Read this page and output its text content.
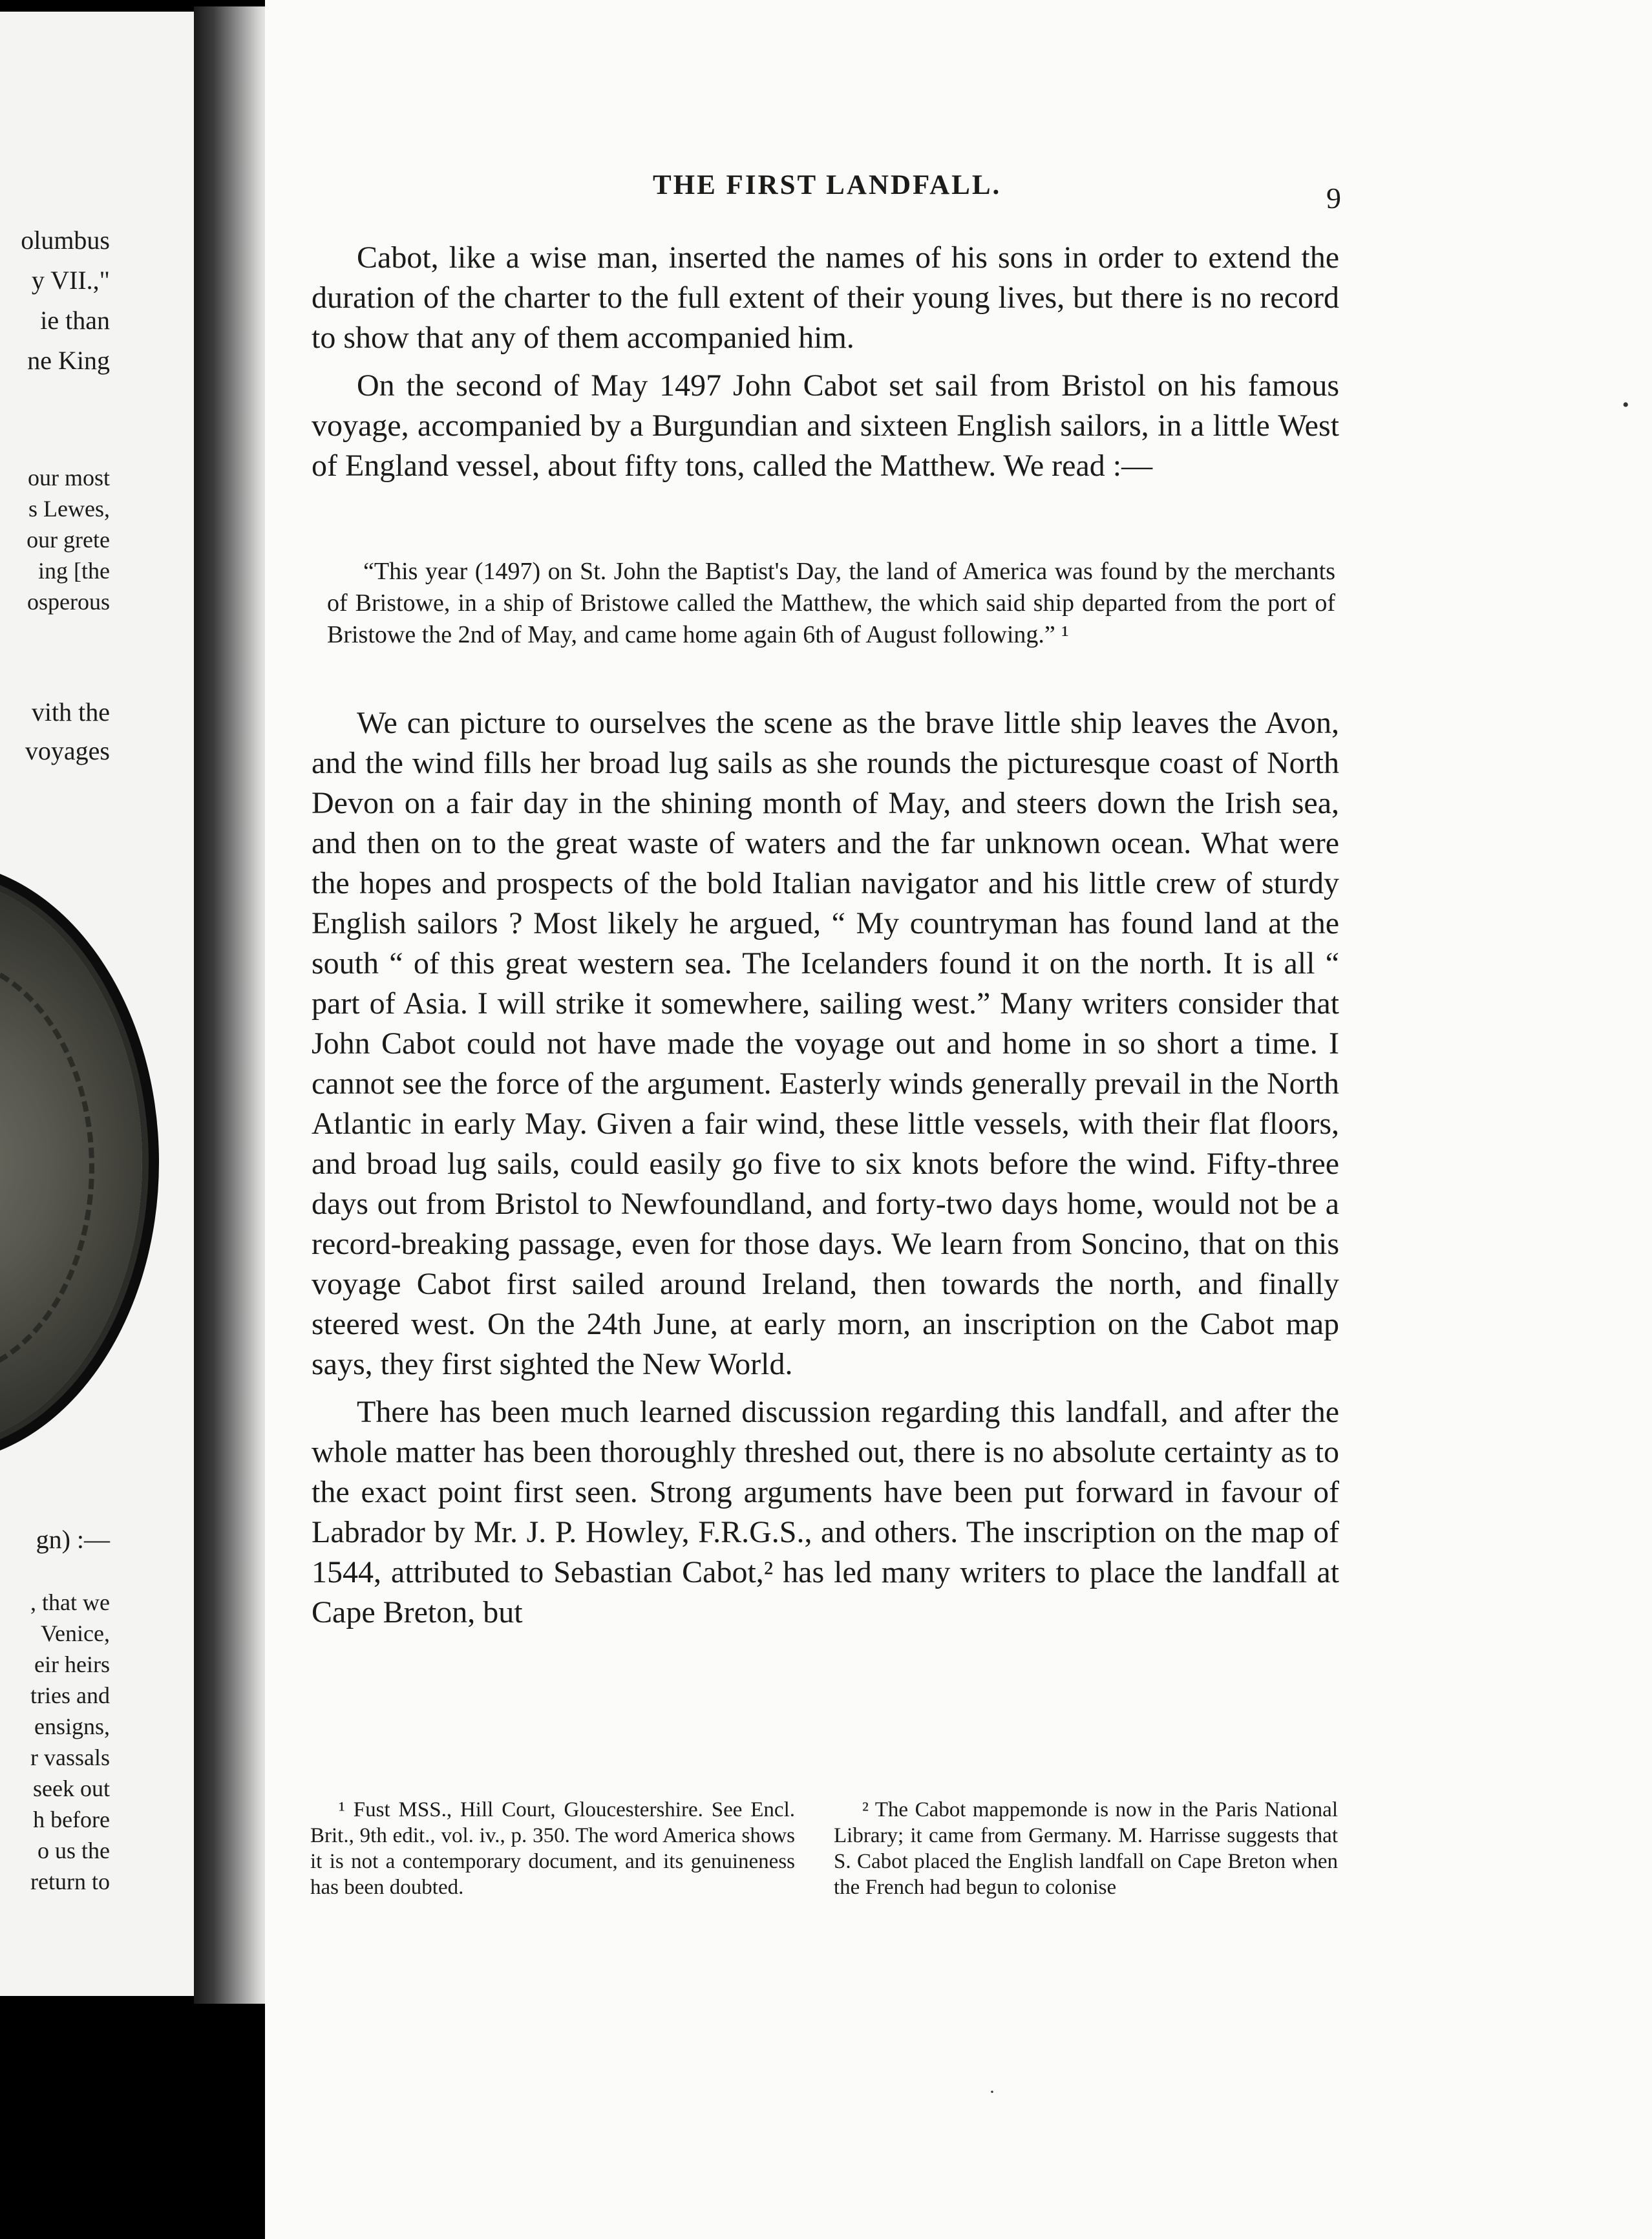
olumbus
y VII.,"
ie than
ne King
our most
s Lewes,
our grete
ing [the
osperous
vith the
voyages
gn) :—
, that we
Venice,
eir heirs
tries and
ensigns,
r vassals
seek out
h before
o us the
return to
THE FIRST LANDFALL.	9

Cabot, like a wise man, inserted the names of his sons in order to extend the duration of the charter to the full extent of their young lives, but there is no record to show that any of them accompanied him.

On the second of May 1497 John Cabot set sail from Bristol on his famous voyage, accompanied by a Burgundian and sixteen English sailors, in a little West of England vessel, about fifty tons, called the Matthew. We read :—

“This year (1497) on St. John the Baptist's Day, the land of America was found by the merchants of Bristowe, in a ship of Bristowe called the Matthew, the which said ship departed from the port of Bristowe the 2nd of May, and came home again 6th of August following.” ¹

We can picture to ourselves the scene as the brave little ship leaves the Avon, and the wind fills her broad lug sails as she rounds the picturesque coast of North Devon on a fair day in the shining month of May, and steers down the Irish sea, and then on to the great waste of waters and the far unknown ocean. What were the hopes and prospects of the bold Italian navigator and his little crew of sturdy English sailors ? Most likely he argued, “ My countryman has found land at the south “ of this great western sea. The Icelanders found it on the north. It is all “ part of Asia. I will strike it somewhere, sailing west.” Many writers consider that John Cabot could not have made the voyage out and home in so short a time. I cannot see the force of the argument. Easterly winds generally prevail in the North Atlantic in early May. Given a fair wind, these little vessels, with their flat floors, and broad lug sails, could easily go five to six knots before the wind. Fifty-three days out from Bristol to Newfoundland, and forty-two days home, would not be a record-breaking passage, even for those days. We learn from Soncino, that on this voyage Cabot first sailed around Ireland, then towards the north, and finally steered west. On the 24th June, at early morn, an inscription on the Cabot map says, they first sighted the New World.

There has been much learned discussion regarding this landfall, and after the whole matter has been thoroughly threshed out, there is no absolute certainty as to the exact point first seen. Strong arguments have been put forward in favour of Labrador by Mr. J. P. Howley, F.R.G.S., and others. The inscription on the map of 1544, attributed to Sebastian Cabot,² has led many writers to place the landfall at Cape Breton, but

¹ Fust MSS., Hill Court, Gloucestershire. See Encl. Brit., 9th edit., vol. iv., p. 350. The word America shows it is not a contemporary document, and its genuineness has been doubted.

² The Cabot mappemonde is now in the Paris National Library; it came from Germany. M. Harrisse suggests that S. Cabot placed the English landfall on Cape Breton when the French had begun to colonise

•
·
